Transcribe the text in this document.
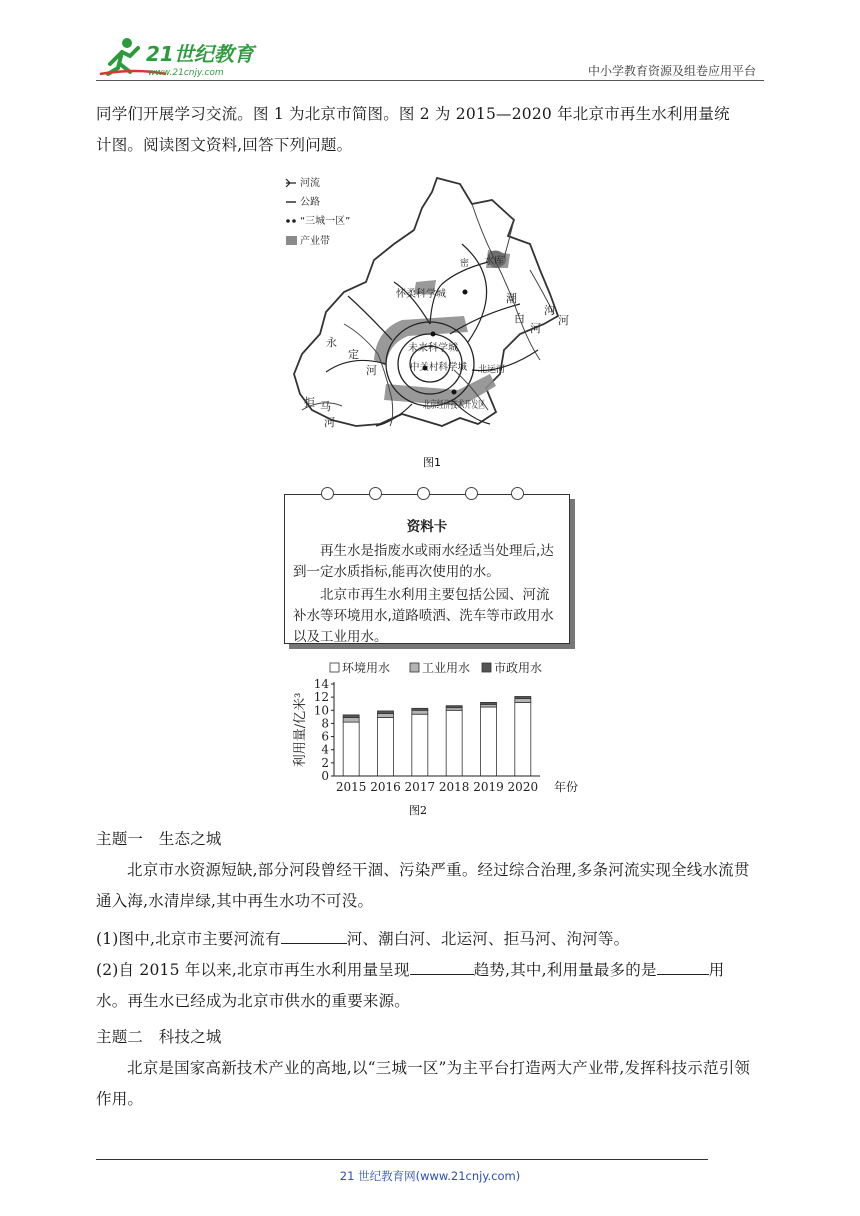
21世纪教育
www.21cnjy.com	中小学教育资源及组卷应用平台
同学们开展学习交流。图 1 为北京市简图。图 2 为 2015—2020 年北京市再生水利用量统
计图。阅读图文资料,回答下列问题。
河流
公路
“三城一区”
产业带
密 水库
怀柔科学城
未来科学城
中关村科学城
北京经济技术开发区
潮
白
河
泃
河
永
定
河
拒 马
河
北运河
图1
资料卡
再生水是指废水或雨水经适当处理后,达到一定水质指标,能再次使用的水。
北京市再生水利用主要包括公园、河流补水等环境用水,道路喷洒、洗车等市政用水以及工业用水。
环境用水	工业用水 市政用水
利用量/亿米³
0
2
4
6
8
10
12
14
2015 2016 2017 2018 2019 2020 年份
图2
主题一　生态之城
北京市水资源短缺,部分河段曾经干涸、污染严重。经过综合治理,多条河流实现全线水流贯通入海,水清岸绿,其中再生水功不可没。
(1)图中,北京市主要河流有	河、潮白河、北运河、拒马河、泃河等。
(2)自 2015 年以来,北京市再生水利用量呈现	趋势,其中,利用量最多的是	用
水。再生水已经成为北京市供水的重要来源。
主题二　科技之城
北京是国家高新技术产业的高地,以“三城一区”为主平台打造两大产业带,发挥科技示范引领作用。
21 世纪教育网(www.21cnjy.com)
